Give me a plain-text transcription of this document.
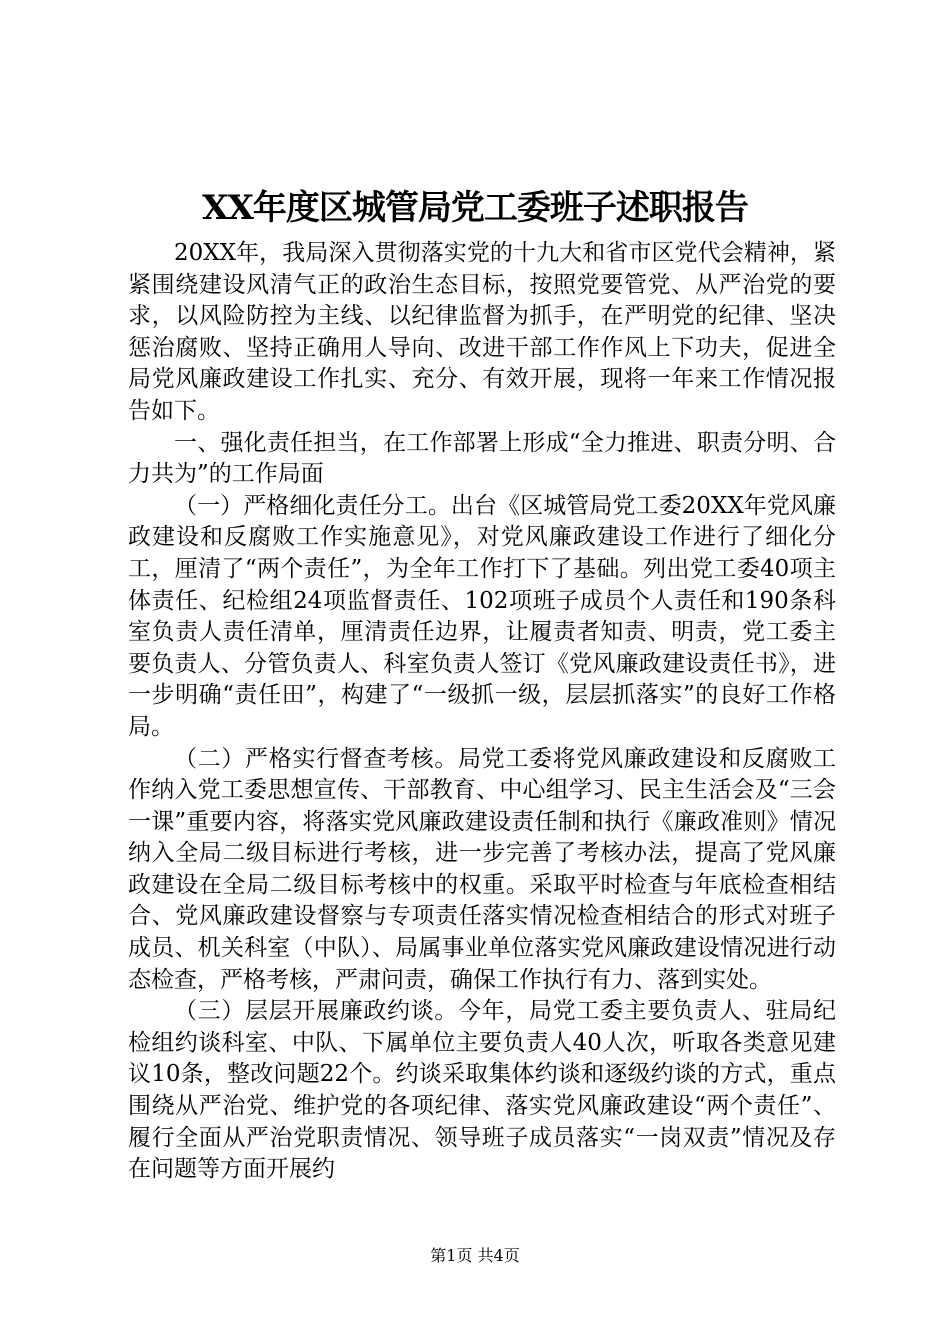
XX年度区城管局党工委班子述职报告

20XX年，我局深入贯彻落实党的十九大和省市区党代会精神，紧紧围绕建设风清气正的政治生态目标，按照党要管党、从严治党的要求，以风险防控为主线、以纪律监督为抓手，在严明党的纪律、坚决惩治腐败、坚持正确用人导向、改进干部工作作风上下功夫，促进全局党风廉政建设工作扎实、充分、有效开展，现将一年来工作情况报告如下。

一、强化责任担当，在工作部署上形成“全力推进、职责分明、合力共为”的工作局面

（一）严格细化责任分工。出台《区城管局党工委20XX年党风廉政建设和反腐败工作实施意见》，对党风廉政建设工作进行了细化分工，厘清了“两个责任”，为全年工作打下了基础。列出党工委40项主体责任、纪检组24项监督责任、102项班子成员个人责任和190条科室负责人责任清单，厘清责任边界，让履责者知责、明责，党工委主要负责人、分管负责人、科室负责人签订《党风廉政建设责任书》，进一步明确“责任田”，构建了“一级抓一级，层层抓落实”的良好工作格局。

（二）严格实行督查考核。局党工委将党风廉政建设和反腐败工作纳入党工委思想宣传、干部教育、中心组学习、民主生活会及“三会一课”重要内容，将落实党风廉政建设责任制和执行《廉政准则》情况纳入全局二级目标进行考核，进一步完善了考核办法，提高了党风廉政建设在全局二级目标考核中的权重。采取平时检查与年底检查相结合、党风廉政建设督察与专项责任落实情况检查相结合的形式对班子成员、机关科室（中队）、局属事业单位落实党风廉政建设情况进行动态检查，严格考核，严肃问责，确保工作执行有力、落到实处。

（三）层层开展廉政约谈。今年，局党工委主要负责人、驻局纪检组约谈科室、中队、下属单位主要负责人40人次，听取各类意见建议10条，整改问题22个。约谈采取集体约谈和逐级约谈的方式，重点围绕从严治党、维护党的各项纪律、落实党风廉政建设“两个责任”、履行全面从严治党职责情况、领导班子成员落实“一岗双责”情况及存在问题等方面开展约

第1页 共4页
